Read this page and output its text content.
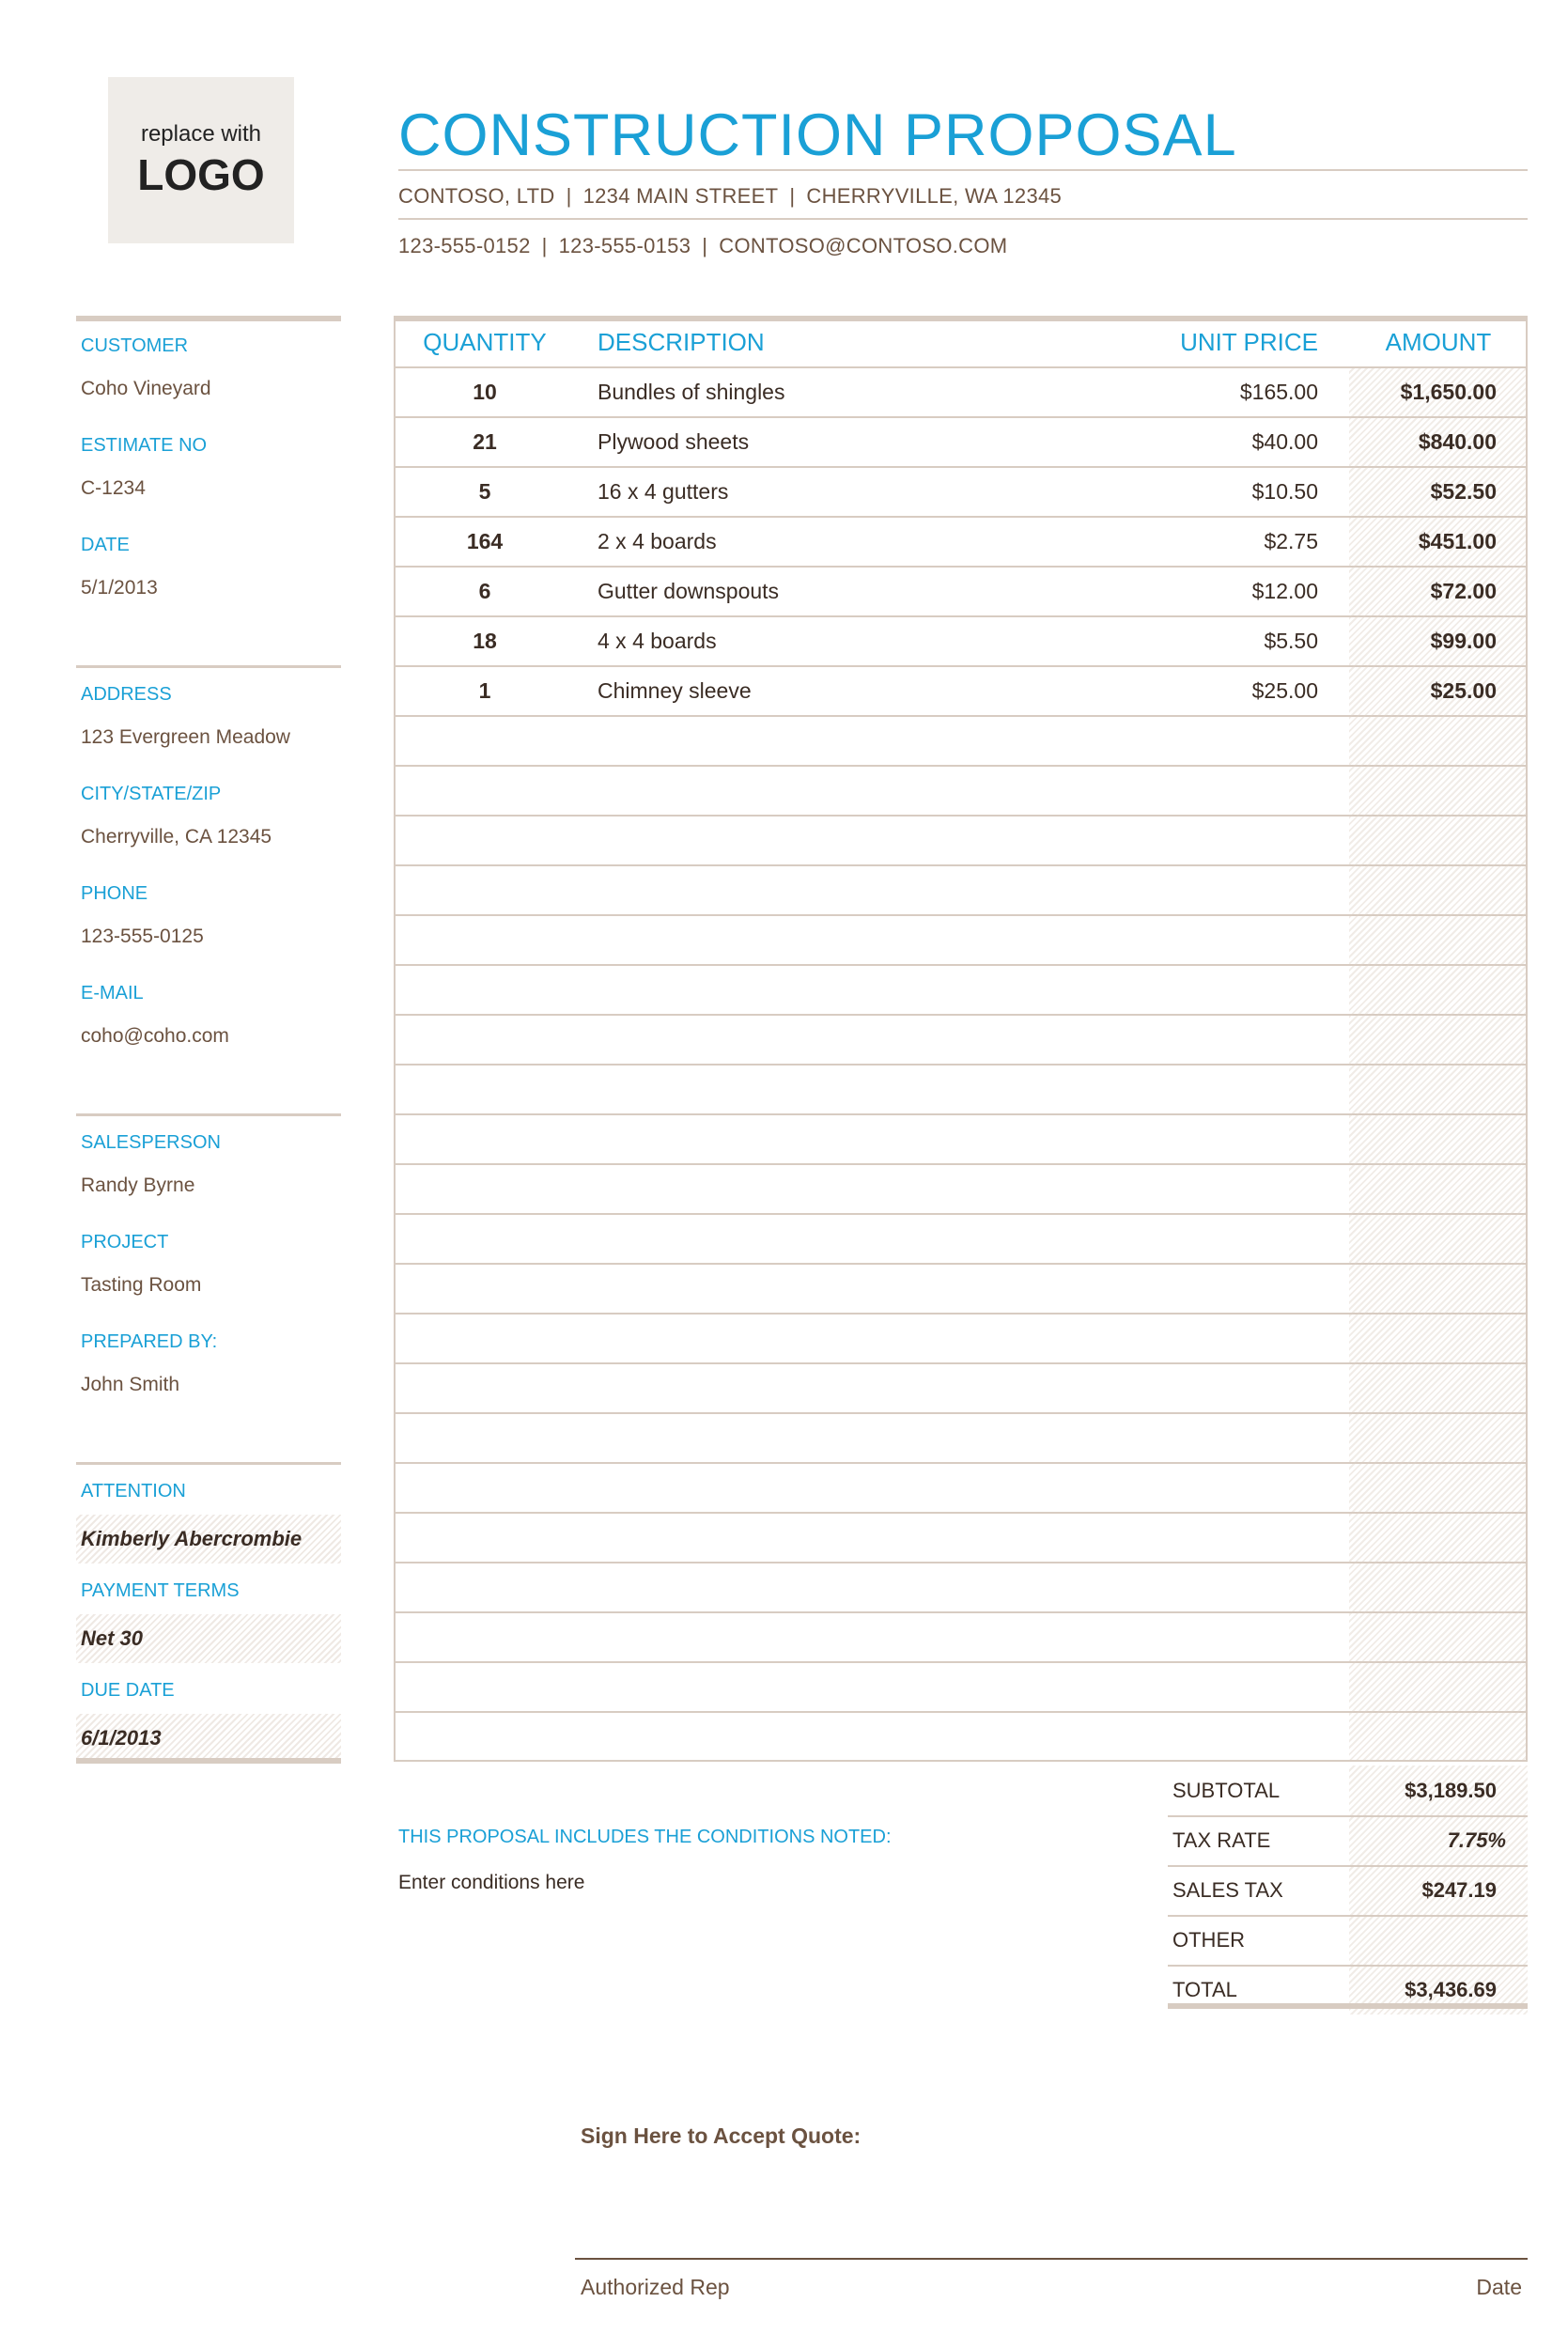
replace with
LOGO
CONSTRUCTION PROPOSAL
CONTOSO, LTD | 1234 MAIN STREET | CHERRYVILLE, WA 12345
123-555-0152 | 123-555-0153 | CONTOSO@CONTOSO.COM
CUSTOMER
Coho Vineyard
ESTIMATE NO
C-1234
DATE
5/1/2013
ADDRESS
123 Evergreen Meadow
CITY/STATE/ZIP
Cherryville, CA 12345
PHONE
123-555-0125
E-MAIL
coho@coho.com
SALESPERSON
Randy Byrne
PROJECT
Tasting Room
PREPARED BY:
John Smith
ATTENTION
Kimberly Abercrombie
PAYMENT TERMS
Net 30
DUE DATE
6/1/2013
QUANTITY	DESCRIPTION	UNIT PRICE	AMOUNT
10	Bundles of shingles	$165.00	$1,650.00
21	Plywood sheets	$40.00	$840.00
5	16 x 4 gutters	$10.50	$52.50
164	2 x 4 boards	$2.75	$451.00
6	Gutter downspouts	$12.00	$72.00
18	4 x 4 boards	$5.50	$99.00
1	Chimney sleeve	$25.00	$25.00
SUBTOTAL	$3,189.50
TAX RATE	7.75%
SALES TAX	$247.19
OTHER
TOTAL	$3,436.69
THIS PROPOSAL INCLUDES THE CONDITIONS NOTED:
Enter conditions here
Sign Here to Accept Quote:
Authorized Rep	Date
